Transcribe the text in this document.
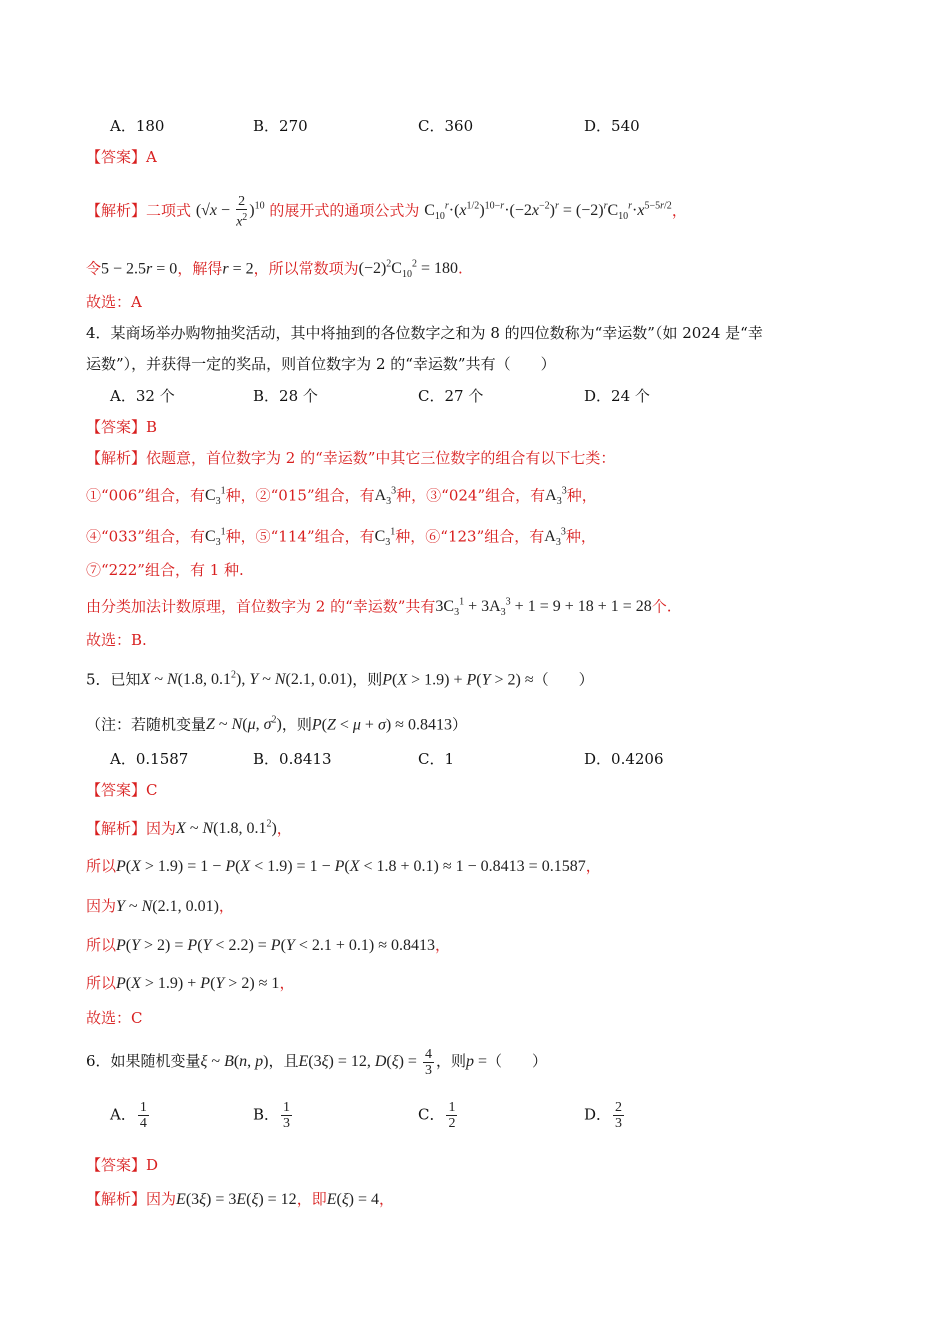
A．180	B．270	C．360	D．540
【答案】A
【解析】二项式 $(√x - \frac{2}{x^2} )^{10}$ 的展开式的通项公式为 $C_{10}^r\cdot(x^{1/2})^{10-r}\cdot(-2x^{-2})^r = (-2)^rC_{10}^r\cdot x^{5-5r/2}$，
令5 − 2.5r = 0，解得r = 2，所以常数项为$(-2)^2C_{10}^2 = 180$.
故选：A
4．某商场举办购物抽奖活动，其中将抽到的各位数字之和为 8 的四位数称为“幸运数”（如 2024 是“幸
运数”），并获得一定的奖品，则首位数字为 2 的“幸运数”共有（　　）
A．32 个	B．28 个	C．27 个	D．24 个
【答案】B
【解析】依题意，首位数字为 2 的“幸运数”中其它三位数字的组合有以下七类：
①“006”组合，有$C_3^1$种，②“015”组合，有$A_3^3$种，③“024”组合，有$A_3^3$种，
④“033”组合，有$C_3^1$种，⑤“114”组合，有$C_3^1$种，⑥“123”组合，有$A_3^3$种，
⑦“222”组合，有 1 种.
由分类加法计数原理，首位数字为 2 的“幸运数”共有$3C_3^1 + 3A_3^3 + 1 = 9 + 18 + 1 = 28$个.
故选：B.
5．已知X ~ N(1.8, $0.1^2$), Y ~ N(2.1, 0.01)，则P(X > 1.9) + P(Y > 2) ≈（　　）
（注：若随机变量Z ~ N(μ, $\sigma^2$)，则P(Z < μ + σ) ≈ 0.8413）
A．0.1587	B．0.8413	C．1	D．0.4206
【答案】C
【解析】因为X ~ N(1.8, $0.1^2$)，
所以P(X > 1.9) = 1 − P(X < 1.9) = 1 − P(X < 1.8 + 0.1) ≈ 1 − 0.8413 = 0.1587，
因为Y ~ N(2.1, 0.01)，
所以P(Y > 2) = P(Y < 2.2) = P(Y < 2.1 + 0.1) ≈ 0.8413，
所以P(X > 1.9) + P(Y > 2) ≈ 1，
故选：C
6．如果随机变量ξ ~ B(n, p)，且E(3ξ) = 12, $D(\xi) = \frac{4}{3}$ ，则p =（　　）
A． $\frac{1}{4}$	B． $\frac{1}{3}$	C． $\frac{1}{2}$	D． $\frac{2}{3}$
【答案】D
【解析】因为E(3ξ) = 3E(ξ) = 12，即E(ξ) = 4，
